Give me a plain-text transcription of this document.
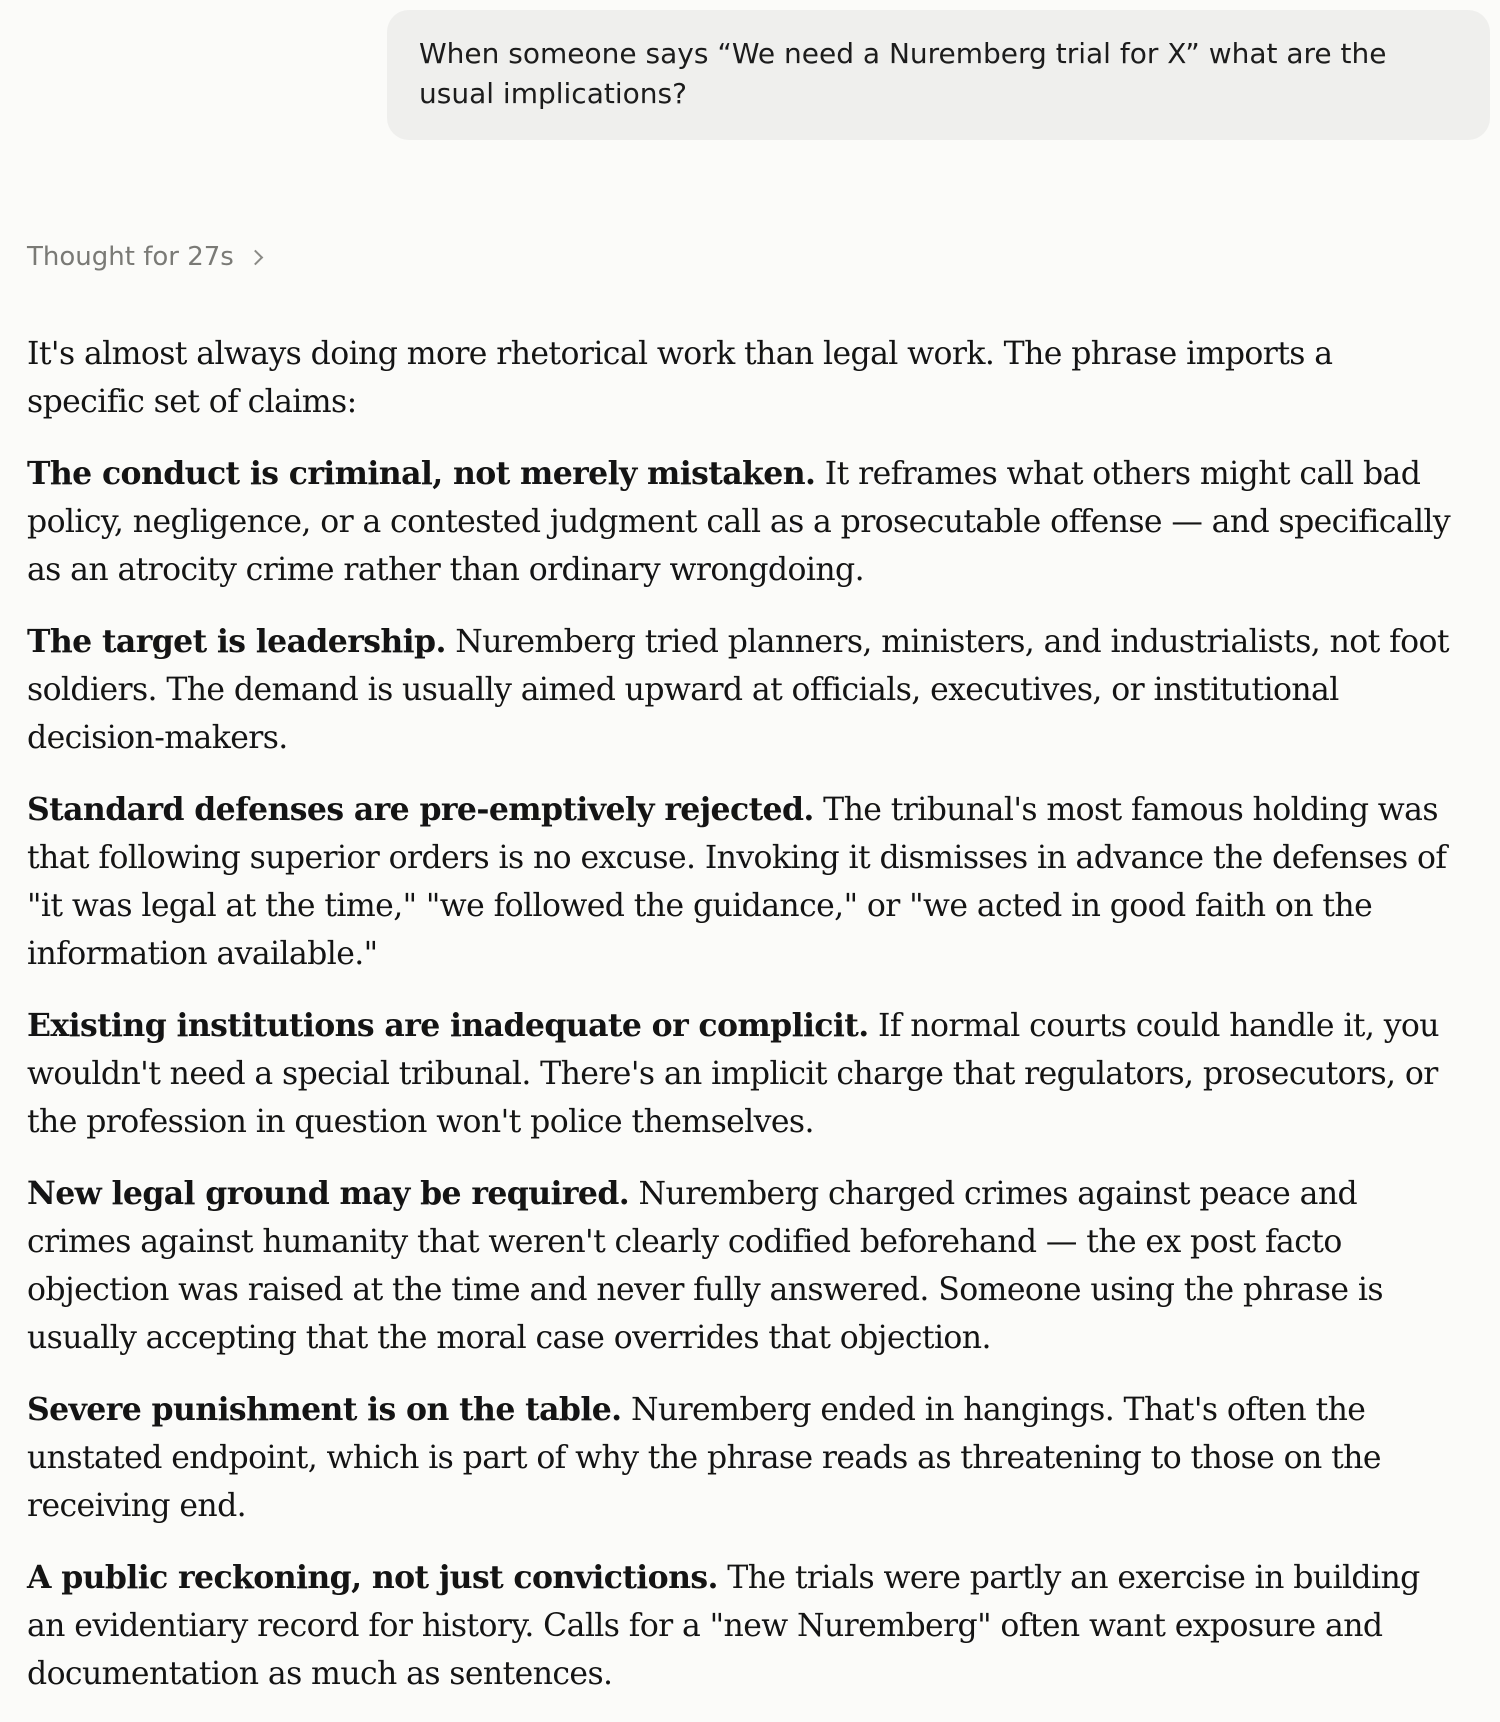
When someone says “We need a Nuremberg trial for X” what are the usual implications?
Thought for 27s

It's almost always doing more rhetorical work than legal work. The phrase imports a specific set of claims:

The conduct is criminal, not merely mistaken. It reframes what others might call bad policy, negligence, or a contested judgment call as a prosecutable offense — and specifically as an atrocity crime rather than ordinary wrongdoing.

The target is leadership. Nuremberg tried planners, ministers, and industrialists, not foot soldiers. The demand is usually aimed upward at officials, executives, or institutional decision-makers.

Standard defenses are pre-emptively rejected. The tribunal's most famous holding was that following superior orders is no excuse. Invoking it dismisses in advance the defenses of "it was legal at the time," "we followed the guidance," or "we acted in good faith on the information available."

Existing institutions are inadequate or complicit. If normal courts could handle it, you wouldn't need a special tribunal. There's an implicit charge that regulators, prosecutors, or the profession in question won't police themselves.

New legal ground may be required. Nuremberg charged crimes against peace and crimes against humanity that weren't clearly codified beforehand — the ex post facto objection was raised at the time and never fully answered. Someone using the phrase is usually accepting that the moral case overrides that objection.

Severe punishment is on the table. Nuremberg ended in hangings. That's often the unstated endpoint, which is part of why the phrase reads as threatening to those on the receiving end.

A public reckoning, not just convictions. The trials were partly an exercise in building an evidentiary record for history. Calls for a "new Nuremberg" often want exposure and documentation as much as sentences.
